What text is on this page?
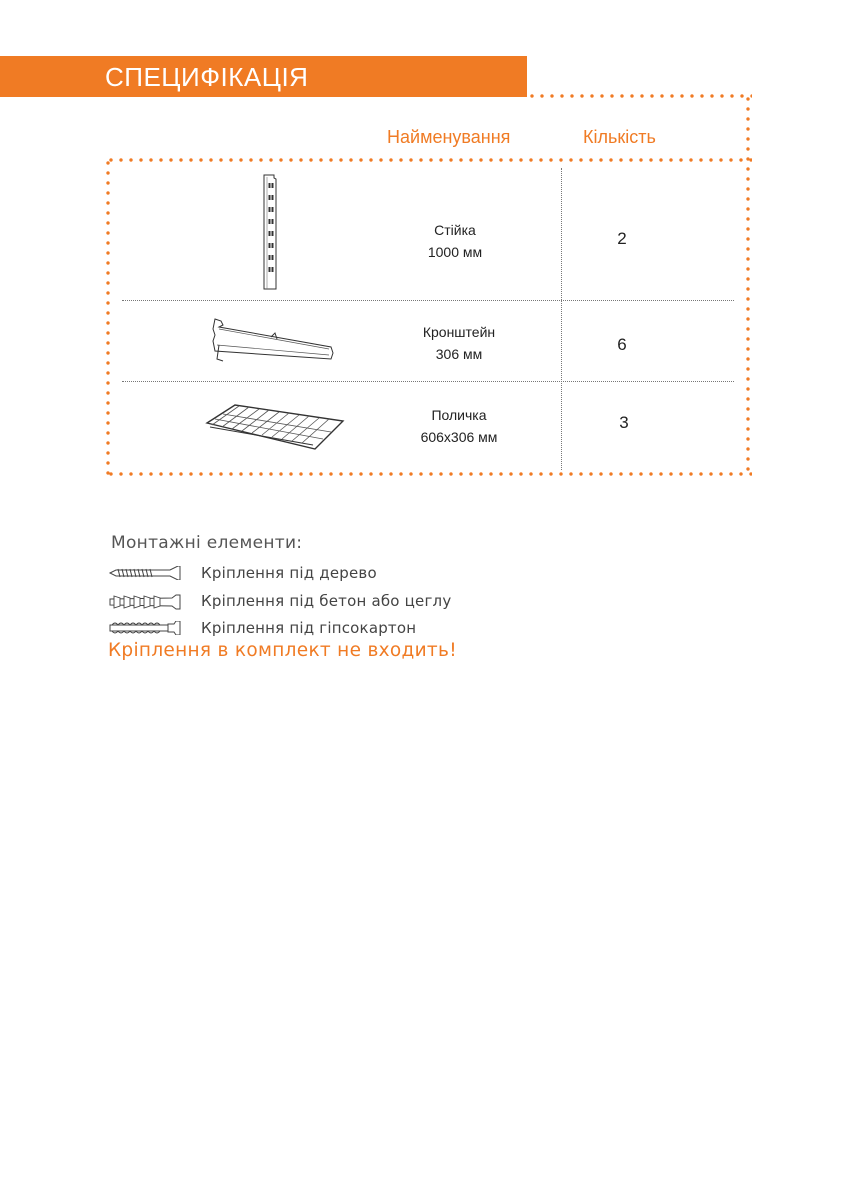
СПЕЦИФІКАЦІЯ
Найменування	Кількість
Стійка
1000 мм
2
Кронштейн
306 мм	6
Поличка
606х306 мм
3
Монтажні елементи:
Кріплення під дерево
Кріплення під бетон або цеглу
Кріплення під гіпсокартон
Кріплення в комплект не входить!
